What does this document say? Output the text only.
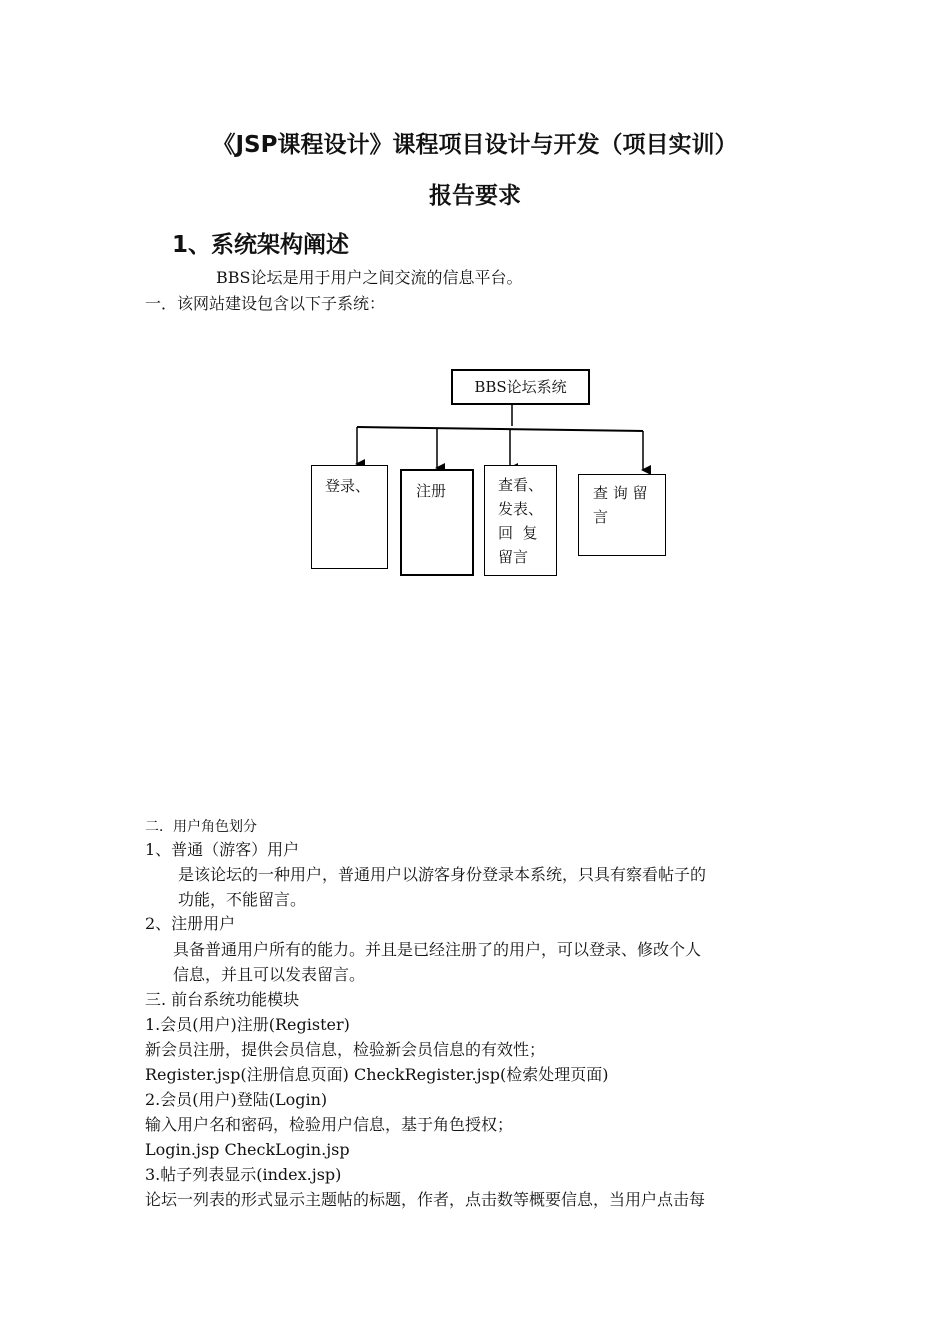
《JSP课程设计》课程项目设计与开发（项目实训）
报告要求
1、系统架构阐述
BBS论坛是用于用户之间交流的信息平台。
一．该网站建设包含以下子系统：
BBS论坛系统
登录、	注册	查看、
发表、
回  复
留言
查 询 留
言
二．用户角色划分
1、普通（游客）用户
是该论坛的一种用户，普通用户以游客身份登录本系统，只具有察看帖子的
功能，不能留言。
2、注册用户
具备普通用户所有的能力。并且是已经注册了的用户，可以登录、修改个人
信息，并且可以发表留言。
三. 前台系统功能模块
1.会员(用户)注册(Register)
新会员注册，提供会员信息，检验新会员信息的有效性；
Register.jsp(注册信息页面) CheckRegister.jsp(检索处理页面)
2.会员(用户)登陆(Login)
输入用户名和密码，检验用户信息，基于角色授权；
Login.jsp CheckLogin.jsp
3.帖子列表显示(index.jsp)
论坛一列表的形式显示主题帖的标题，作者，点击数等概要信息，当用户点击每
